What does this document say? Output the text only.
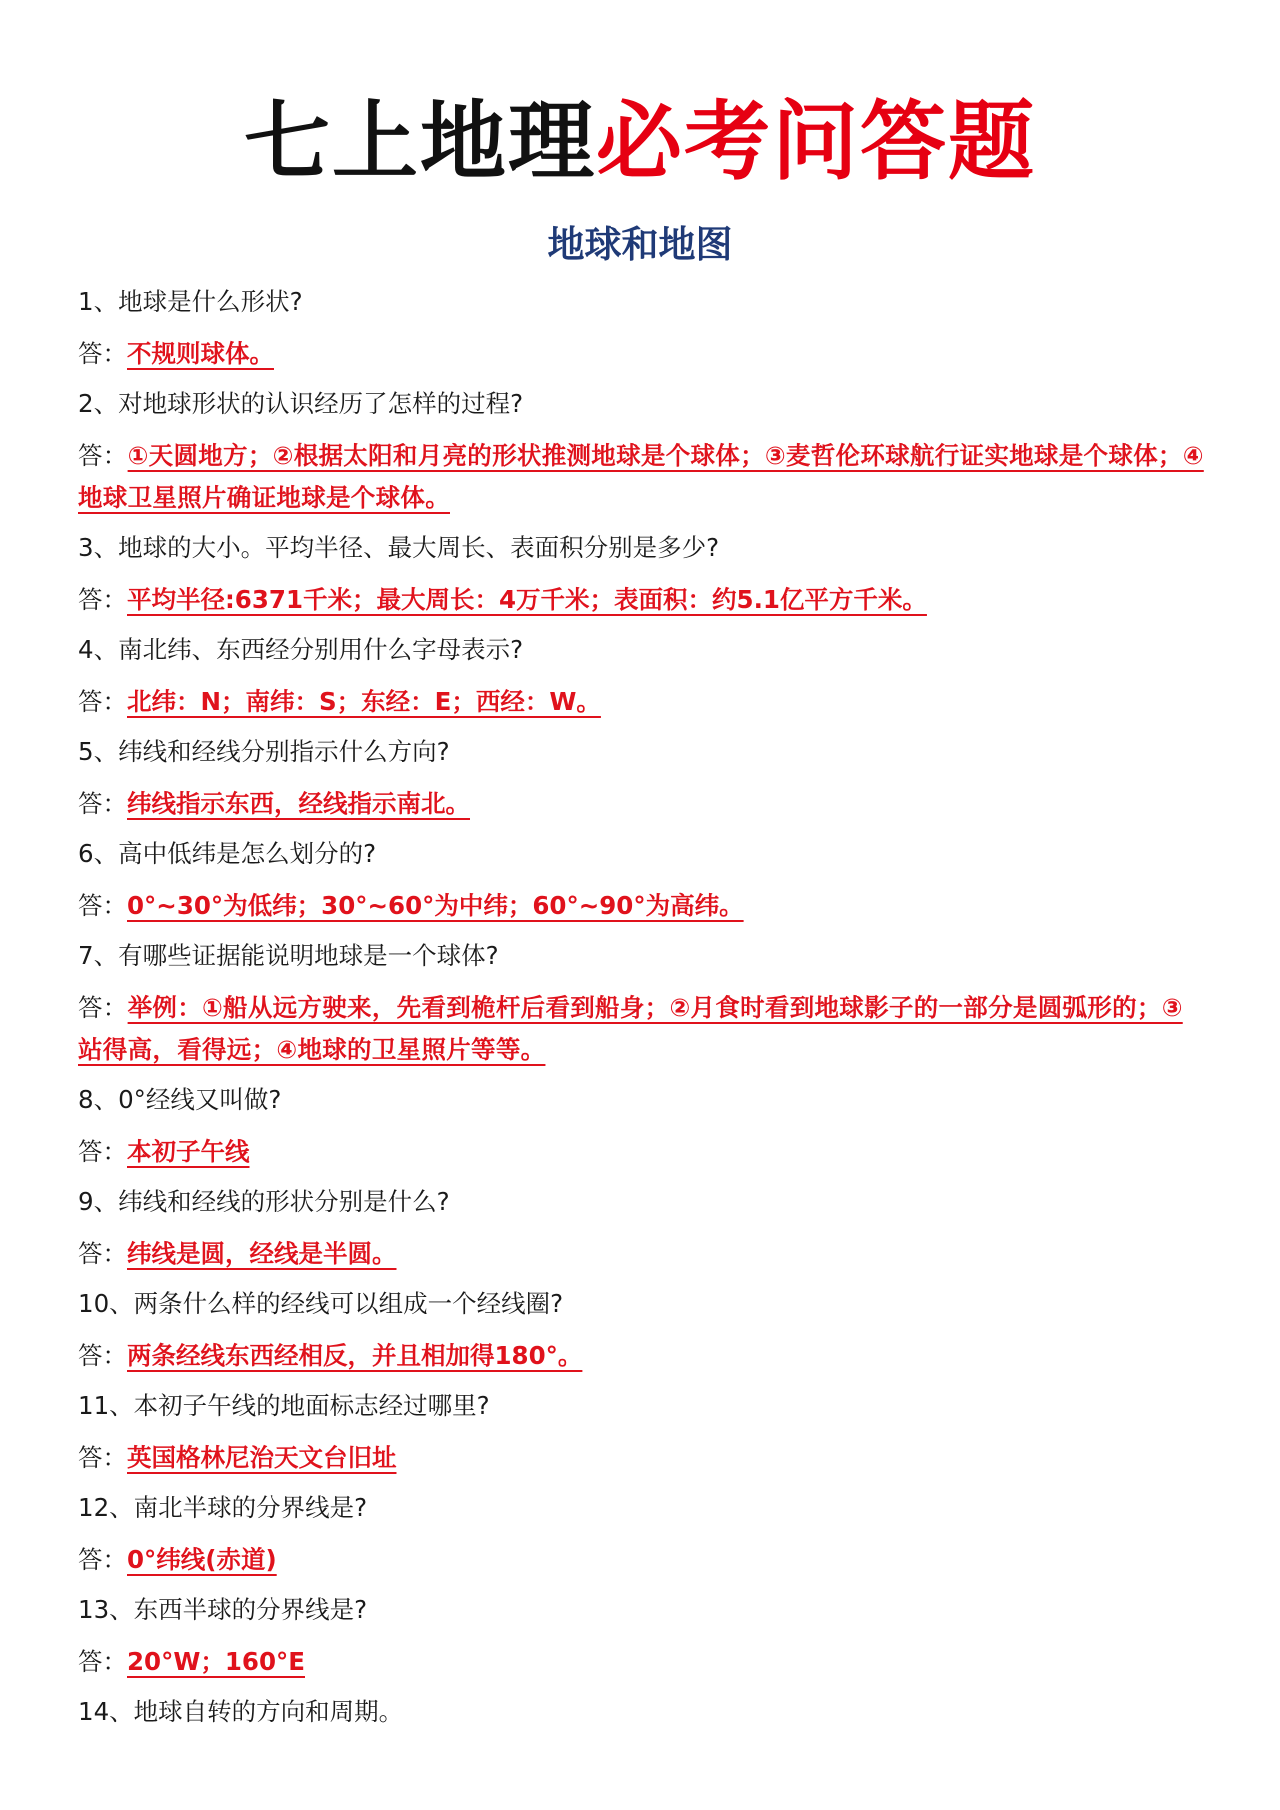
七上地理必考问答题
地球和地图
1、地球是什么形状?
答：不规则球体。
2、对地球形状的认识经历了怎样的过程?
答：①天圆地方；②根据太阳和月亮的形状推测地球是个球体；③麦哲伦环球航行证实地球是个球体；④地球卫星照片确证地球是个球体。
3、地球的大小。平均半径、最大周长、表面积分别是多少?
答：平均半径:6371千米；最大周长：4万千米；表面积：约5.1亿平方千米。
4、南北纬、东西经分别用什么字母表示?
答：北纬：N；南纬：S；东经：E；西经：W。
5、纬线和经线分别指示什么方向?
答：纬线指示东西，经线指示南北。
6、高中低纬是怎么划分的?
答：0°~30°为低纬；30°~60°为中纬；60°~90°为高纬。
7、有哪些证据能说明地球是一个球体?
答：举例：①船从远方驶来，先看到桅杆后看到船身；②月食时看到地球影子的一部分是圆弧形的；③站得高，看得远；④地球的卫星照片等等。
8、0°经线又叫做?
答：本初子午线
9、纬线和经线的形状分别是什么?
答：纬线是圆，经线是半圆。
10、两条什么样的经线可以组成一个经线圈?
答：两条经线东西经相反，并且相加得180°。
11、本初子午线的地面标志经过哪里?
答：英国格林尼治天文台旧址
12、南北半球的分界线是?
答：0°纬线(赤道)
13、东西半球的分界线是?
答：20°W；160°E
14、地球自转的方向和周期。
